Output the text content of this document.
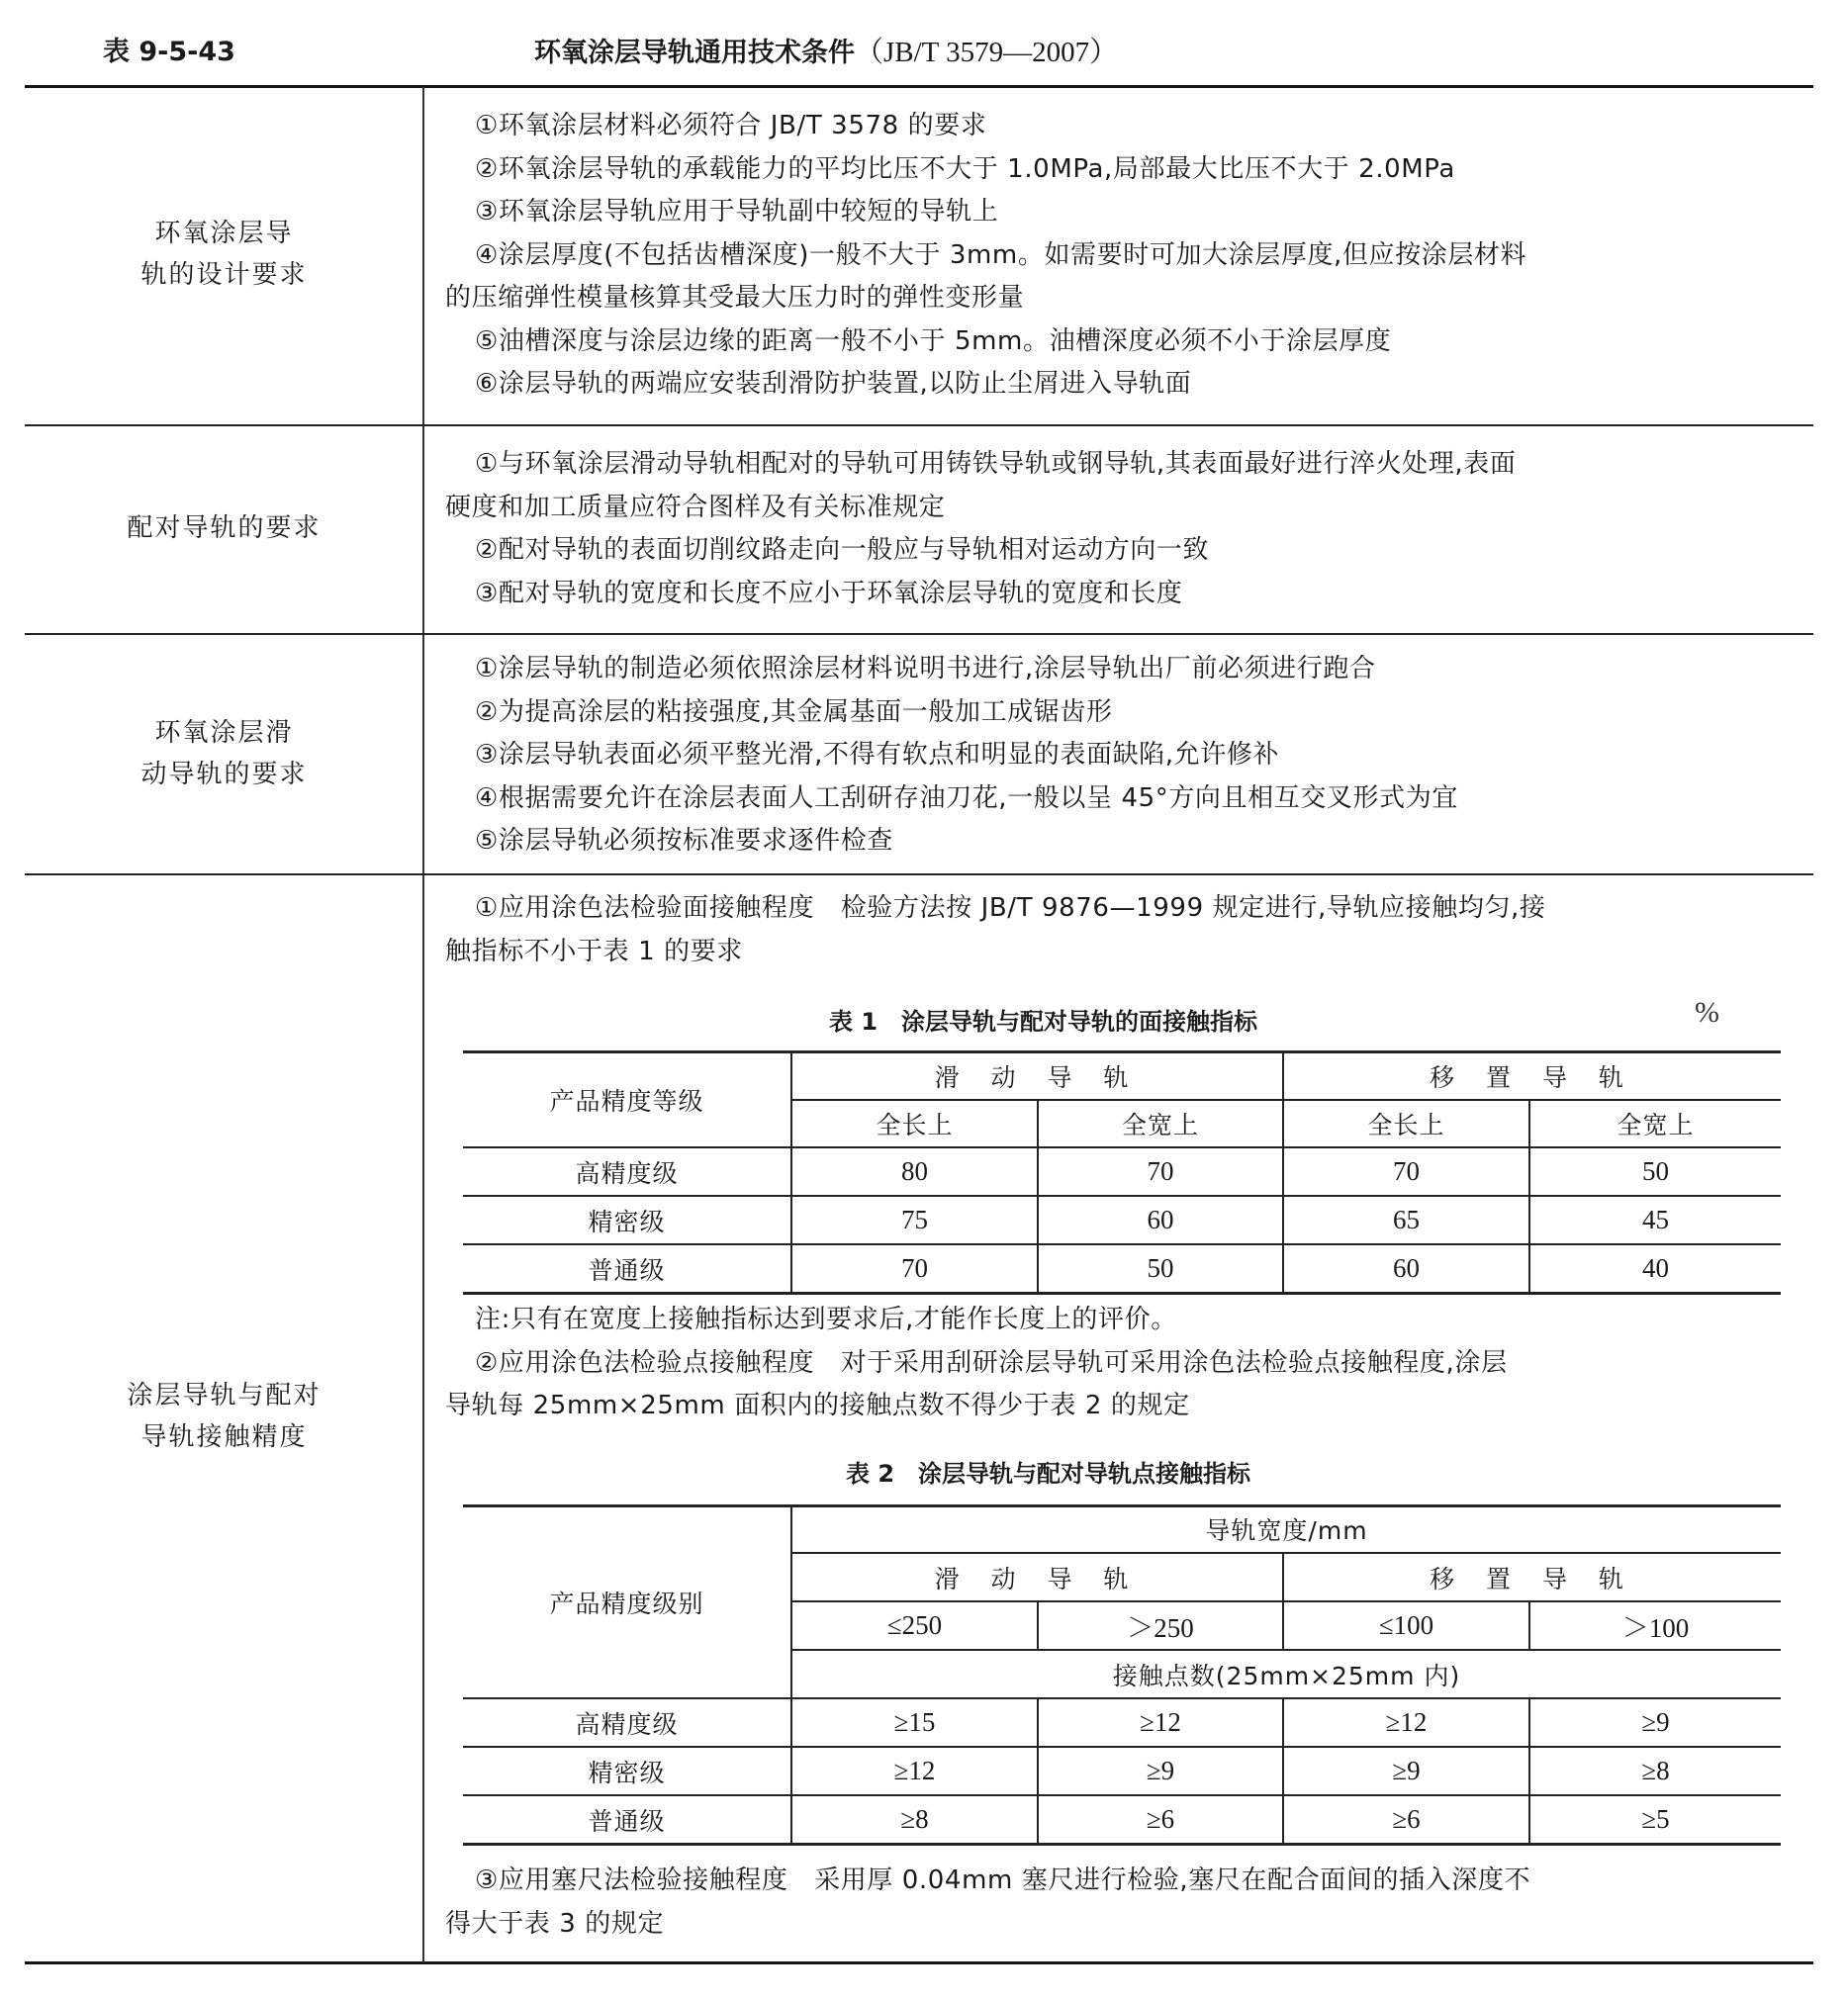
表 9-5-43	环氧涂层导轨通用技术条件（JB/T 3579—2007）
环氧涂层导
轨的设计要求
①环氧涂层材料必须符合 JB/T 3578 的要求
②环氧涂层导轨的承载能力的平均比压不大于 1.0MPa,局部最大比压不大于 2.0MPa
③环氧涂层导轨应用于导轨副中较短的导轨上
④涂层厚度(不包括齿槽深度)一般不大于 3mm。如需要时可加大涂层厚度,但应按涂层材料
的压缩弹性模量核算其受最大压力时的弹性变形量
⑤油槽深度与涂层边缘的距离一般不小于 5mm。油槽深度必须不小于涂层厚度
⑥涂层导轨的两端应安装刮滑防护装置,以防止尘屑进入导轨面
配对导轨的要求
①与环氧涂层滑动导轨相配对的导轨可用铸铁导轨或钢导轨,其表面最好进行淬火处理,表面
硬度和加工质量应符合图样及有关标准规定
②配对导轨的表面切削纹路走向一般应与导轨相对运动方向一致
③配对导轨的宽度和长度不应小于环氧涂层导轨的宽度和长度
环氧涂层滑
动导轨的要求
①涂层导轨的制造必须依照涂层材料说明书进行,涂层导轨出厂前必须进行跑合
②为提高涂层的粘接强度,其金属基面一般加工成锯齿形
③涂层导轨表面必须平整光滑,不得有软点和明显的表面缺陷,允许修补
④根据需要允许在涂层表面人工刮研存油刀花,一般以呈 45°方向且相互交叉形式为宜
⑤涂层导轨必须按标准要求逐件检查
涂层导轨与配对
导轨接触精度
①应用涂色法检验面接触程度　检验方法按 JB/T 9876—1999 规定进行,导轨应接触均匀,接
触指标不小于表 1 的要求
表 1　涂层导轨与配对导轨的面接触指标	%
产品精度等级
滑 动 导 轨	移 置 导 轨
全长上	全宽上	全长上	全宽上
高精度级	80	70	70	50
精密级	75	60	65	45
普通级	70	50	60	40
注:只有在宽度上接触指标达到要求后,才能作长度上的评价。
②应用涂色法检验点接触程度　对于采用刮研涂层导轨可采用涂色法检验点接触程度,涂层
导轨每 25mm×25mm 面积内的接触点数不得少于表 2 的规定
表 2　涂层导轨与配对导轨点接触指标
产品精度级别
导轨宽度/mm
滑 动 导 轨	移 置 导 轨
≤250	＞250	≤100	＞100
接触点数(25mm×25mm 内)
高精度级	≥15	≥12	≥12	≥9
精密级	≥12	≥9	≥9	≥8
普通级	≥8	≥6	≥6	≥5
③应用塞尺法检验接触程度　采用厚 0.04mm 塞尺进行检验,塞尺在配合面间的插入深度不
得大于表 3 的规定
